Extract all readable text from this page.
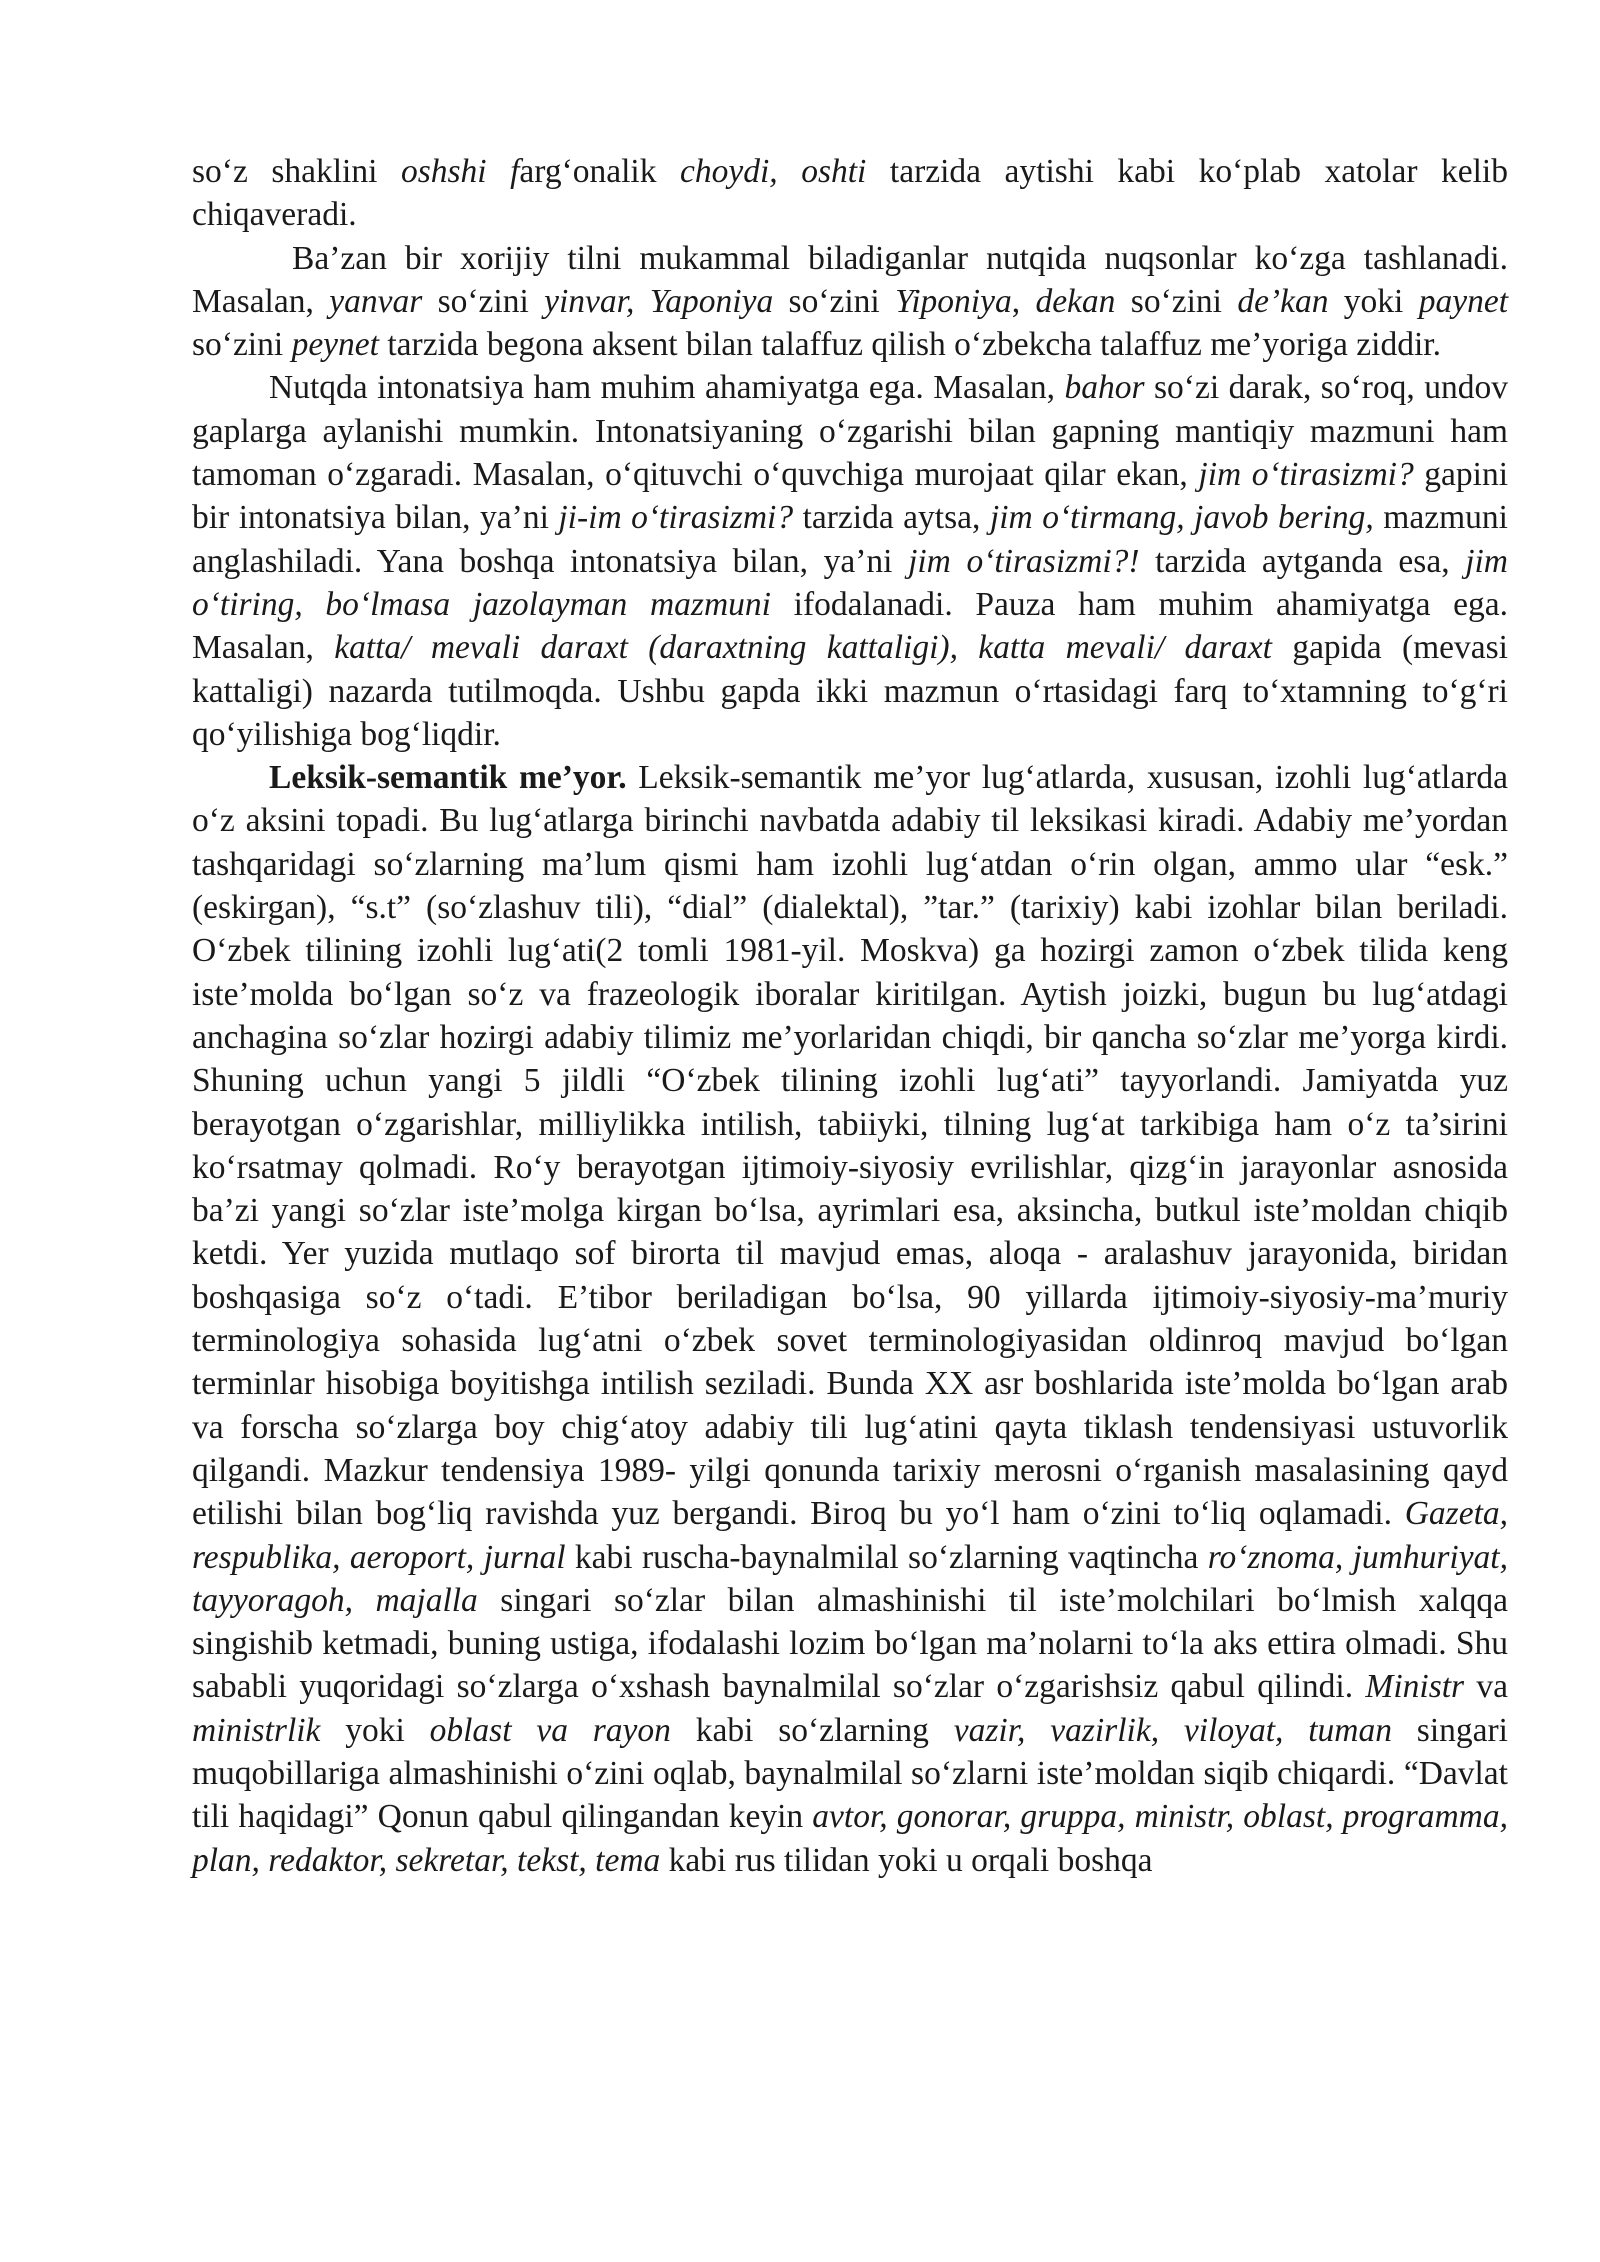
so‘z shaklini oshshi farg‘onalik choydi, oshti tarzida aytishi kabi ko‘plab xatolar kelib chiqaveradi.

Ba’zan bir xorijiy tilni mukammal biladiganlar nutqida nuqsonlar ko‘zga tashlanadi. Masalan, yanvar so‘zini yinvar, Yaponiya so‘zini Yiponiya, dekan so‘zini de’kan yoki paynet so‘zini peynet tarzida begona aksent bilan talaffuz qilish o‘zbekcha talaffuz me’yoriga ziddir.

Nutqda intonatsiya ham muhim ahamiyatga ega. Masalan, bahor so‘zi darak, so‘roq, undov gaplarga aylanishi mumkin. Intonatsiyaning o‘zgarishi bilan gapning mantiqiy mazmuni ham tamoman o‘zgaradi. Masalan, o‘qituvchi o‘quvchiga murojaat qilar ekan, jim o‘tirasizmi? gapini bir intonatsiya bilan, ya’ni ji-im o‘tirasizmi? tarzida aytsa, jim o‘tirmang, javob bering, mazmuni anglashiladi. Yana boshqa intonatsiya bilan, ya’ni jim o‘tirasizmi?! tarzida aytganda esa, jim o‘tiring, bo‘lmasa jazolayman mazmuni ifodalanadi. Pauza ham muhim ahamiyatga ega. Masalan, katta/ mevali daraxt (daraxtning kattaligi), katta mevali/ daraxt gapida (mevasi kattaligi) nazarda tutilmoqda. Ushbu gapda ikki mazmun o‘rtasidagi farq to‘xtamning to‘g‘ri qo‘yilishiga bog‘liqdir.

Leksik-semantik me’yor. Leksik-semantik me’yor lug‘atlarda, xususan, izohli lug‘atlarda o‘z aksini topadi. Bu lug‘atlarga birinchi navbatda adabiy til leksikasi kiradi. Adabiy me’yordan tashqaridagi so‘zlarning ma’lum qismi ham izohli lug‘atdan o‘rin olgan, ammo ular “esk.” (eskirgan), “s.t” (so‘zlashuv tili), “dial” (dialektal), ”tar.” (tarixiy) kabi izohlar bilan beriladi. O‘zbek tilining izohli lug‘ati(2 tomli 1981-yil. Moskva) ga hozirgi zamon o‘zbek tilida keng iste’molda bo‘lgan so‘z va frazeologik iboralar kiritilgan. Aytish joizki, bugun bu lug‘atdagi anchagina so‘zlar hozirgi adabiy tilimiz me’yorlaridan chiqdi, bir qancha so‘zlar me’yorga kirdi. Shuning uchun yangi 5 jildli “O‘zbek tilining izohli lug‘ati” tayyorlandi. Jamiyatda yuz berayotgan o‘zgarishlar, milliylikka intilish, tabiiyki, tilning lug‘at tarkibiga ham o‘z ta’sirini ko‘rsatmay qolmadi. Ro‘y berayotgan ijtimoiy-siyosiy evrilishlar, qizg‘in jarayonlar asnosida ba’zi yangi so‘zlar iste’molga kirgan bo‘lsa, ayrimlari esa, aksincha, butkul iste’moldan chiqib ketdi. Yer yuzida mutlaqo sof birorta til mavjud emas, aloqa - aralashuv jarayonida, biridan boshqasiga so‘z o‘tadi. E’tibor beriladigan bo‘lsa, 90 yillarda ijtimoiy-siyosiy-ma’muriy terminologiya sohasida lug‘atni o‘zbek sovet terminologiyasidan oldinroq mavjud bo‘lgan terminlar hisobiga boyitishga intilish seziladi. Bunda XX asr boshlarida iste’molda bo‘lgan arab va forscha so‘zlarga boy chig‘atoy adabiy tili lug‘atini qayta tiklash tendensiyasi ustuvorlik qilgandi. Mazkur tendensiya 1989- yilgi qonunda tarixiy merosni o‘rganish masalasining qayd etilishi bilan bog‘liq ravishda yuz bergandi. Biroq bu yo‘l ham o‘zini to‘liq oqlamadi. Gazeta, respublika, aeroport, jurnal kabi ruscha-baynalmilal so‘zlarning vaqtincha ro‘znoma, jumhuriyat, tayyoragoh, majalla singari so‘zlar bilan almashinishi til iste’molchilari bo‘lmish xalqqa singishib ketmadi, buning ustiga, ifodalashi lozim bo‘lgan ma’nolarni to‘la aks ettira olmadi. Shu sababli yuqoridagi so‘zlarga o‘xshash baynalmilal so‘zlar o‘zgarishsiz qabul qilindi. Ministr va ministrlik yoki oblast va rayon kabi so‘zlarning vazir, vazirlik, viloyat, tuman singari muqobillariga almashinishi o‘zini oqlab, baynalmilal so‘zlarni iste’moldan siqib chiqardi. “Davlat tili haqidagi” Qonun qabul qilingandan keyin avtor, gonorar, gruppa, ministr, oblast, programma, plan, redaktor, sekretar, tekst, tema kabi rus tilidan yoki u orqali boshqa
